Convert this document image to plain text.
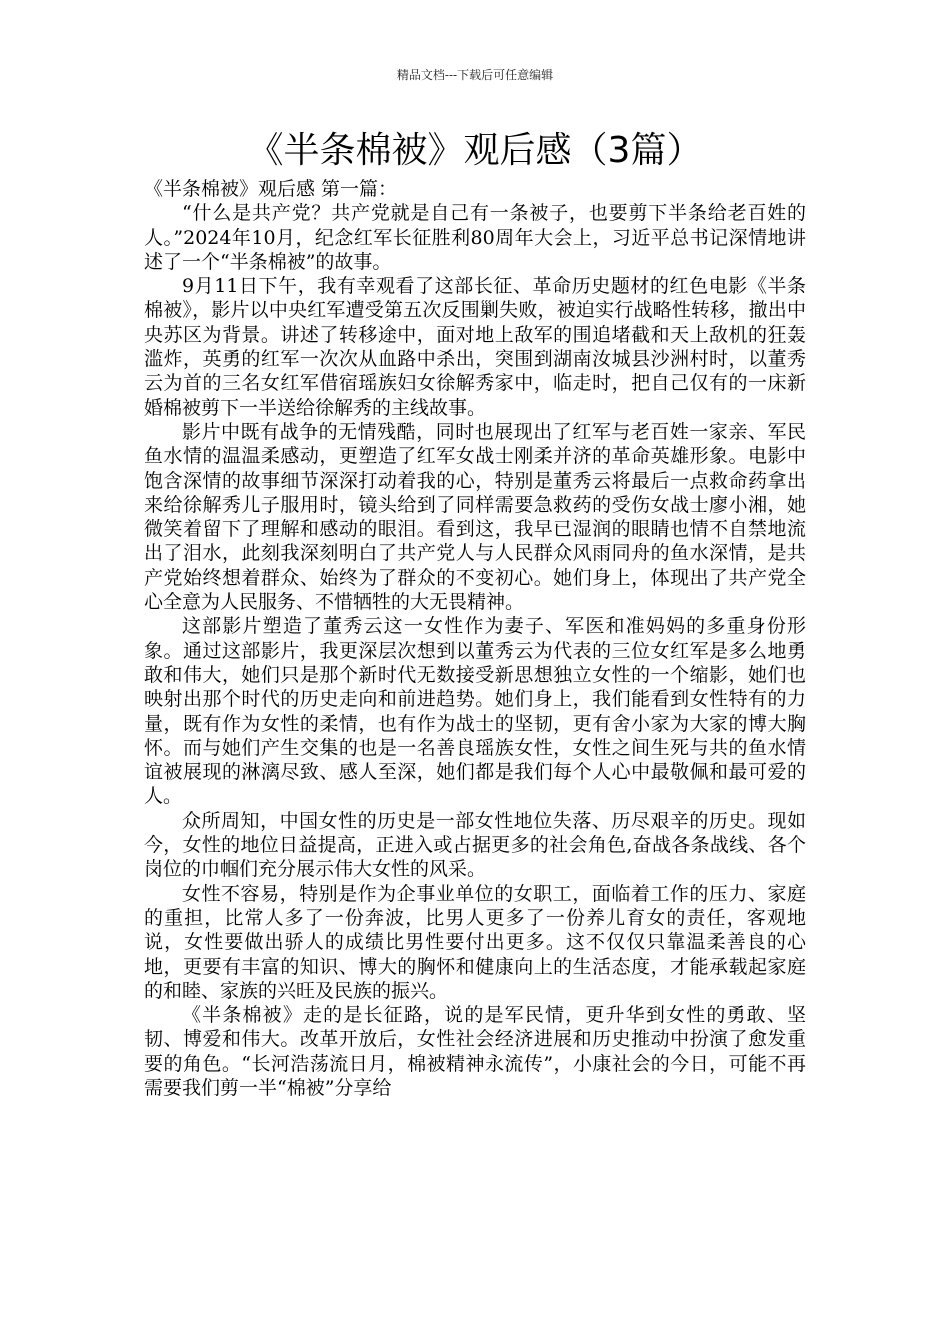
精品文档---下载后可任意编辑
《半条棉被》观后感（3篇）

《半条棉被》观后感 第一篇：

“什么是共产党？共产党就是自己有一条被子，也要剪下半条给老百姓的人。”2024年10月，纪念红军长征胜利80周年大会上，习近平总书记深情地讲述了一个“半条棉被”的故事。

9月11日下午，我有幸观看了这部长征、革命历史题材的红色电影《半条棉被》，影片以中央红军遭受第五次反围剿失败，被迫实行战略性转移，撤出中央苏区为背景。讲述了转移途中，面对地上敌军的围追堵截和天上敌机的狂轰滥炸，英勇的红军一次次从血路中杀出，突围到湖南汝城县沙洲村时，以董秀云为首的三名女红军借宿瑶族妇女徐解秀家中，临走时，把自己仅有的一床新婚棉被剪下一半送给徐解秀的主线故事。

影片中既有战争的无情残酷，同时也展现出了红军与老百姓一家亲、军民鱼水情的温温柔感动，更塑造了红军女战士刚柔并济的革命英雄形象。电影中饱含深情的故事细节深深打动着我的心，特别是董秀云将最后一点救命药拿出来给徐解秀儿子服用时，镜头给到了同样需要急救药的受伤女战士廖小湘，她微笑着留下了理解和感动的眼泪。看到这，我早已湿润的眼睛也情不自禁地流出了泪水，此刻我深刻明白了共产党人与人民群众风雨同舟的鱼水深情，是共产党始终想着群众、始终为了群众的不变初心。她们身上，体现出了共产党全心全意为人民服务、不惜牺牲的大无畏精神。

这部影片塑造了董秀云这一女性作为妻子、军医和准妈妈的多重身份形象。通过这部影片，我更深层次想到以董秀云为代表的三位女红军是多么地勇敢和伟大，她们只是那个新时代无数接受新思想独立女性的一个缩影，她们也映射出那个时代的历史走向和前进趋势。她们身上，我们能看到女性特有的力量，既有作为女性的柔情，也有作为战士的坚韧，更有舍小家为大家的博大胸怀。而与她们产生交集的也是一名善良瑶族女性，女性之间生死与共的鱼水情谊被展现的淋漓尽致、感人至深，她们都是我们每个人心中最敬佩和最可爱的人。

众所周知，中国女性的历史是一部女性地位失落、历尽艰辛的历史。现如今，女性的地位日益提高，正进入或占据更多的社会角色,奋战各条战线、各个岗位的巾帼们充分展示伟大女性的风采。

女性不容易，特别是作为企事业单位的女职工，面临着工作的压力、家庭的重担，比常人多了一份奔波，比男人更多了一份养儿育女的责任，客观地说，女性要做出骄人的成绩比男性要付出更多。这不仅仅只靠温柔善良的心地，更要有丰富的知识、博大的胸怀和健康向上的生活态度，才能承载起家庭的和睦、家族的兴旺及民族的振兴。

《半条棉被》走的是长征路，说的是军民情，更升华到女性的勇敢、坚韧、博爱和伟大。改革开放后，女性社会经济进展和历史推动中扮演了愈发重要的角色。“长河浩荡流日月，棉被精神永流传”，小康社会的今日，可能不再需要我们剪一半“棉被”分享给
